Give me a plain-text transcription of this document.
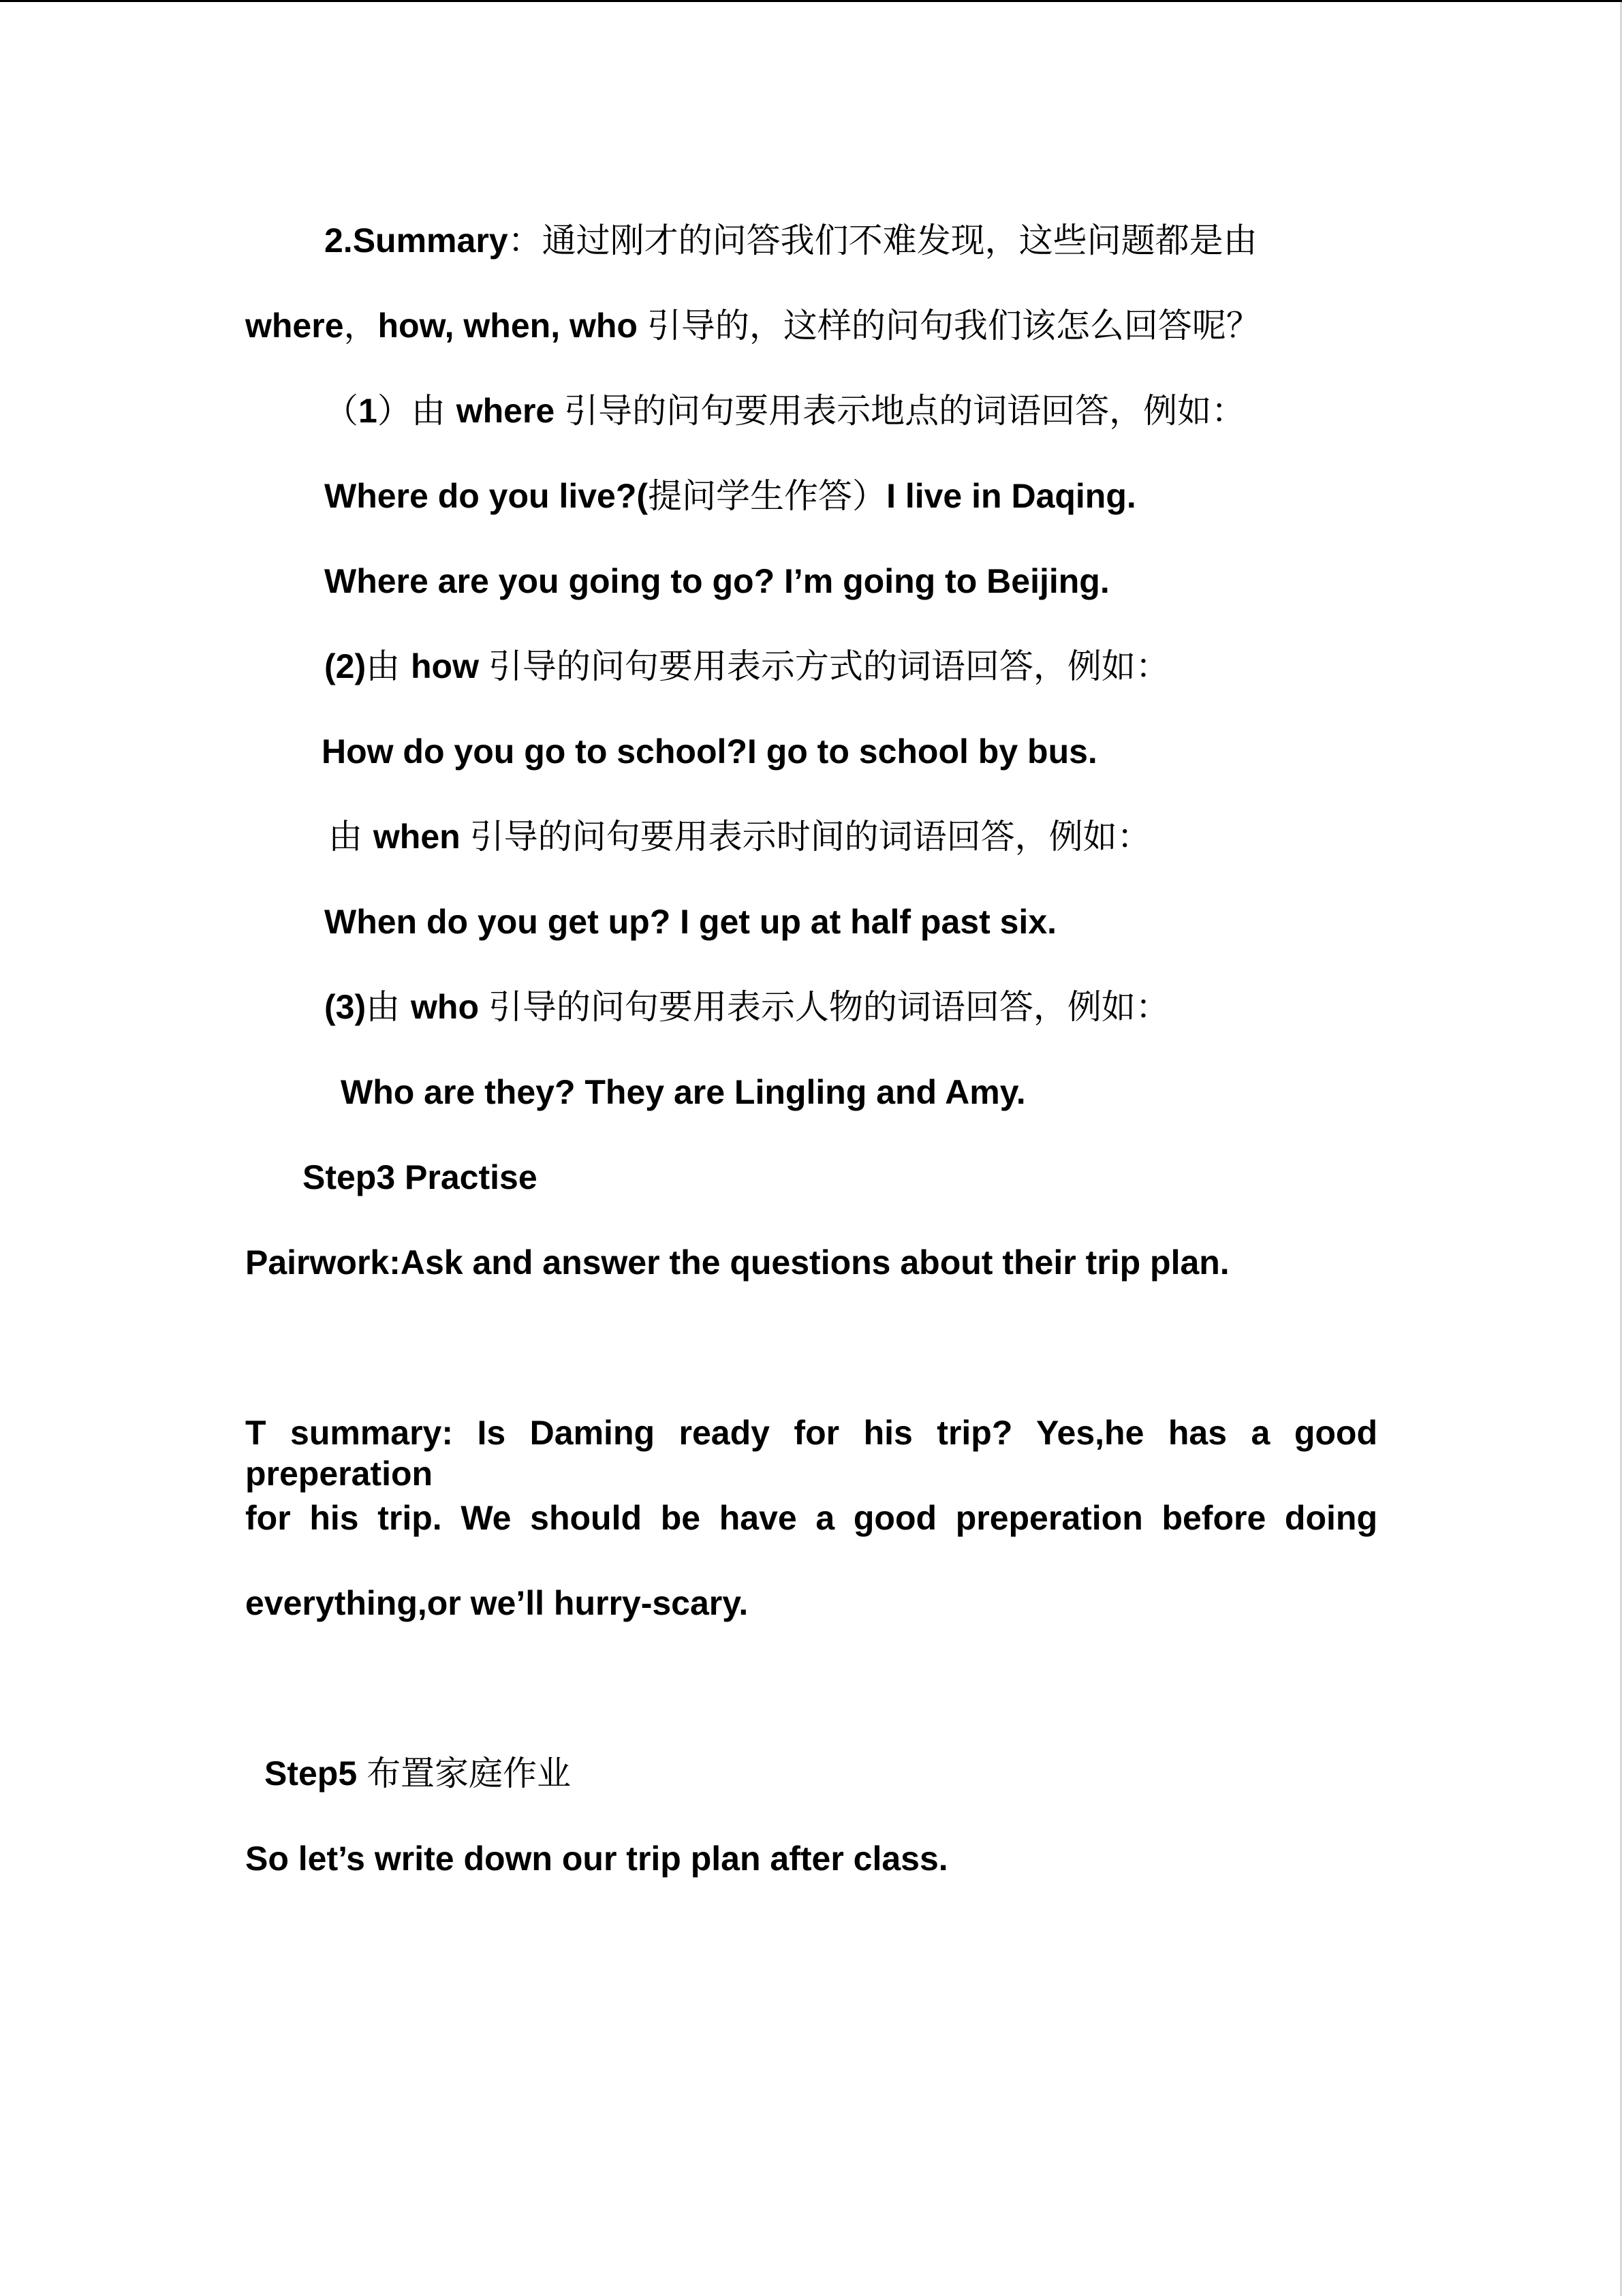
2.Summary：通过刚才的问答我们不难发现，这些问题都是由
where，how, when, who 引导的，这样的问句我们该怎么回答呢？
（1）由 where 引导的问句要用表示地点的词语回答，例如：
Where do you live?(提问学生作答）I live in Daqing.
Where are you going to go? I’m going to Beijing.
(2)由 how 引导的问句要用表示方式的词语回答，例如：
How do you go to school?I go to school by bus.
由 when 引导的问句要用表示时间的词语回答，例如：
When do you get up? I get up at half past six.
(3)由 who 引导的问句要用表示人物的词语回答，例如：
Who are they? They are Lingling and Amy.
Step3 Practise
Pairwork:Ask and answer the questions about their trip plan.
T summary: Is Daming ready for his trip? Yes,he has a good preperation
for his trip. We should be have a good preperation before doing
everything,or we’ll hurry-scary.
Step5 布置家庭作业
So let’s write down our trip plan after class.
